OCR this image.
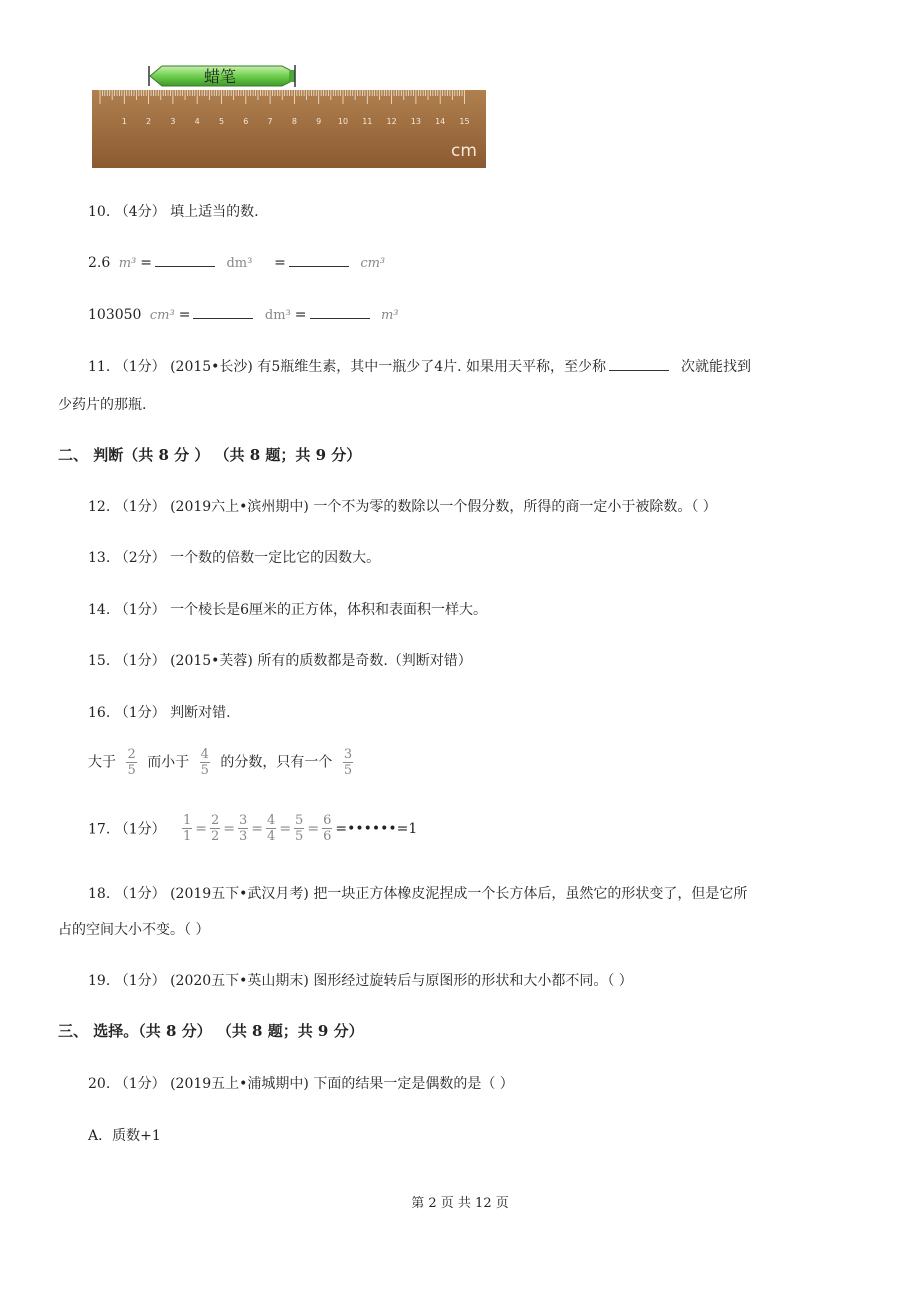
蜡笔
1 2 3 4 5 6 7 8 9 10 11 12 13 14 15
cm
10. （4分） 填上适当的数.
2.6 m³ =	dm³ =	cm³
103050 cm³ =	dm³ =	m³
11. （1分） (2015•长沙) 有5瓶维生素，其中一瓶少了4片. 如果用天平称，至少称	次就能找到
少药片的那瓶.
二、 判断（共 8 分 ） （共 8 题；共 9 分）
12. （1分） (2019六上•滨州期中) 一个不为零的数除以一个假分数，所得的商一定小于被除数。（ ）
13. （2分） 一个数的倍数一定比它的因数大。
14. （1分） 一个棱长是6厘米的正方体，体积和表面积一样大。
15. （1分） (2015•芙蓉) 所有的质数都是奇数.（判断对错）
16. （1分） 判断对错.
大于 $\frac{2}{5}$ 而小于 $\frac{4}{5}$ 的分数，只有一个 $\frac{3}{5}$
17. （1分） $\frac{1}{1} = \frac{2}{2} = \frac{3}{3} = \frac{4}{4} = \frac{5}{5} = \frac{6}{6}$ =••••••=1
18. （1分） (2019五下•武汉月考) 把一块正方体橡皮泥捏成一个长方体后，虽然它的形状变了，但是它所
占的空间大小不变。（ ）
19. （1分） (2020五下•英山期末) 图形经过旋转后与原图形的形状和大小都不同。（ ）
三、 选择。（共 8 分） （共 8 题；共 9 分）
20. （1分） (2019五上•浦城期中) 下面的结果一定是偶数的是（ ）
A．质数+1
第 2 页 共 12 页
